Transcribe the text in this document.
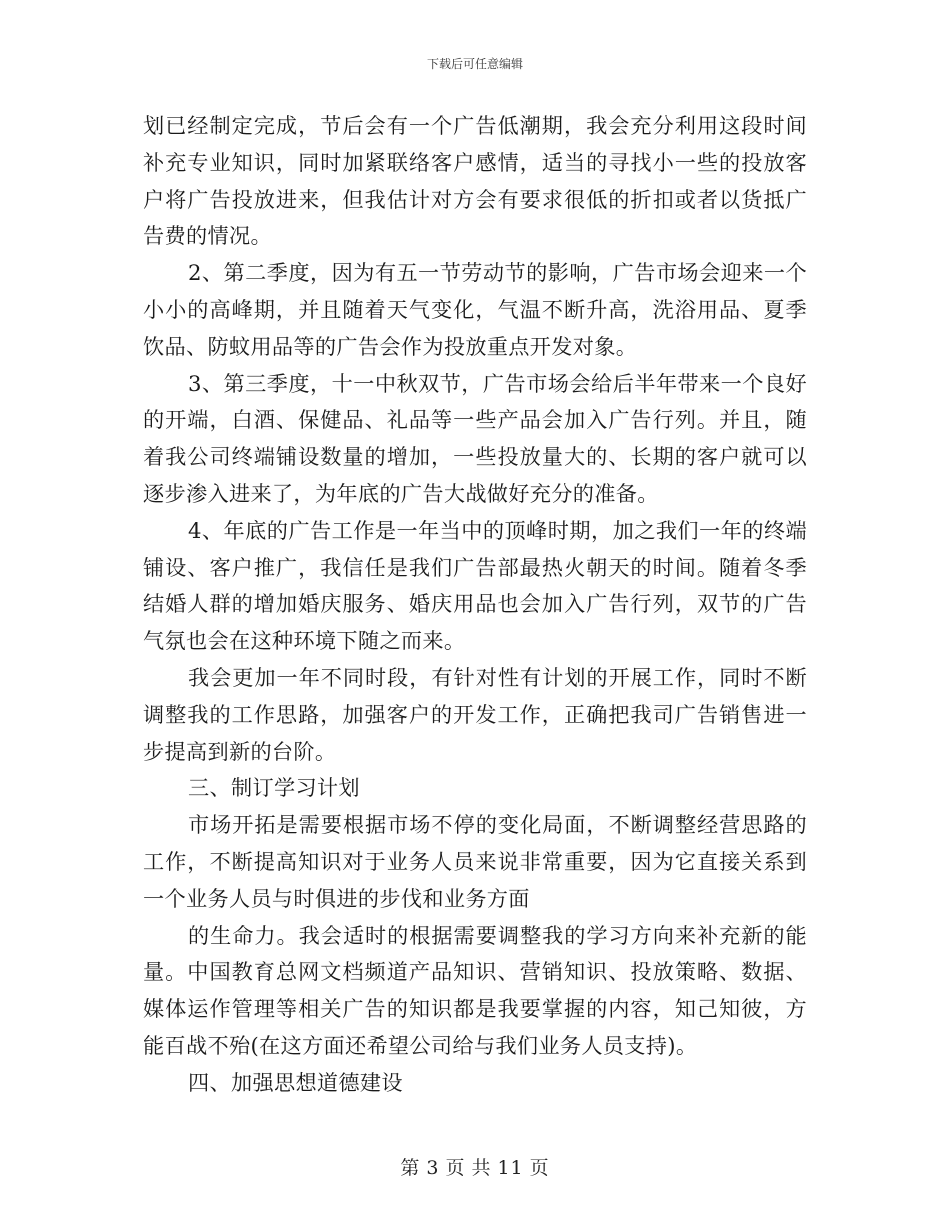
下载后可任意编辑

划已经制定完成，节后会有一个广告低潮期，我会充分利用这段时间补充专业知识，同时加紧联络客户感情，适当的寻找小一些的投放客户将广告投放进来，但我估计对方会有要求很低的折扣或者以货抵广告费的情况。

2、第二季度，因为有五一节劳动节的影响，广告市场会迎来一个小小的高峰期，并且随着天气变化，气温不断升高，洗浴用品、夏季饮品、防蚊用品等的广告会作为投放重点开发对象。

3、第三季度，十一中秋双节，广告市场会给后半年带来一个良好的开端，白酒、保健品、礼品等一些产品会加入广告行列。并且，随着我公司终端铺设数量的增加，一些投放量大的、长期的客户就可以逐步渗入进来了，为年底的广告大战做好充分的准备。

4、年底的广告工作是一年当中的顶峰时期，加之我们一年的终端铺设、客户推广，我信任是我们广告部最热火朝天的时间。随着冬季结婚人群的增加婚庆服务、婚庆用品也会加入广告行列，双节的广告气氛也会在这种环境下随之而来。

我会更加一年不同时段，有针对性有计划的开展工作，同时不断调整我的工作思路，加强客户的开发工作，正确把我司广告销售进一步提高到新的台阶。

三、制订学习计划

市场开拓是需要根据市场不停的变化局面，不断调整经营思路的工作，不断提高知识对于业务人员来说非常重要，因为它直接关系到一个业务人员与时俱进的步伐和业务方面

的生命力。我会适时的根据需要调整我的学习方向来补充新的能量。中国教育总网文档频道产品知识、营销知识、投放策略、数据、媒体运作管理等相关广告的知识都是我要掌握的内容，知己知彼，方能百战不殆(在这方面还希望公司给与我们业务人员支持)。

四、加强思想道德建设

第 3 页 共 11 页
